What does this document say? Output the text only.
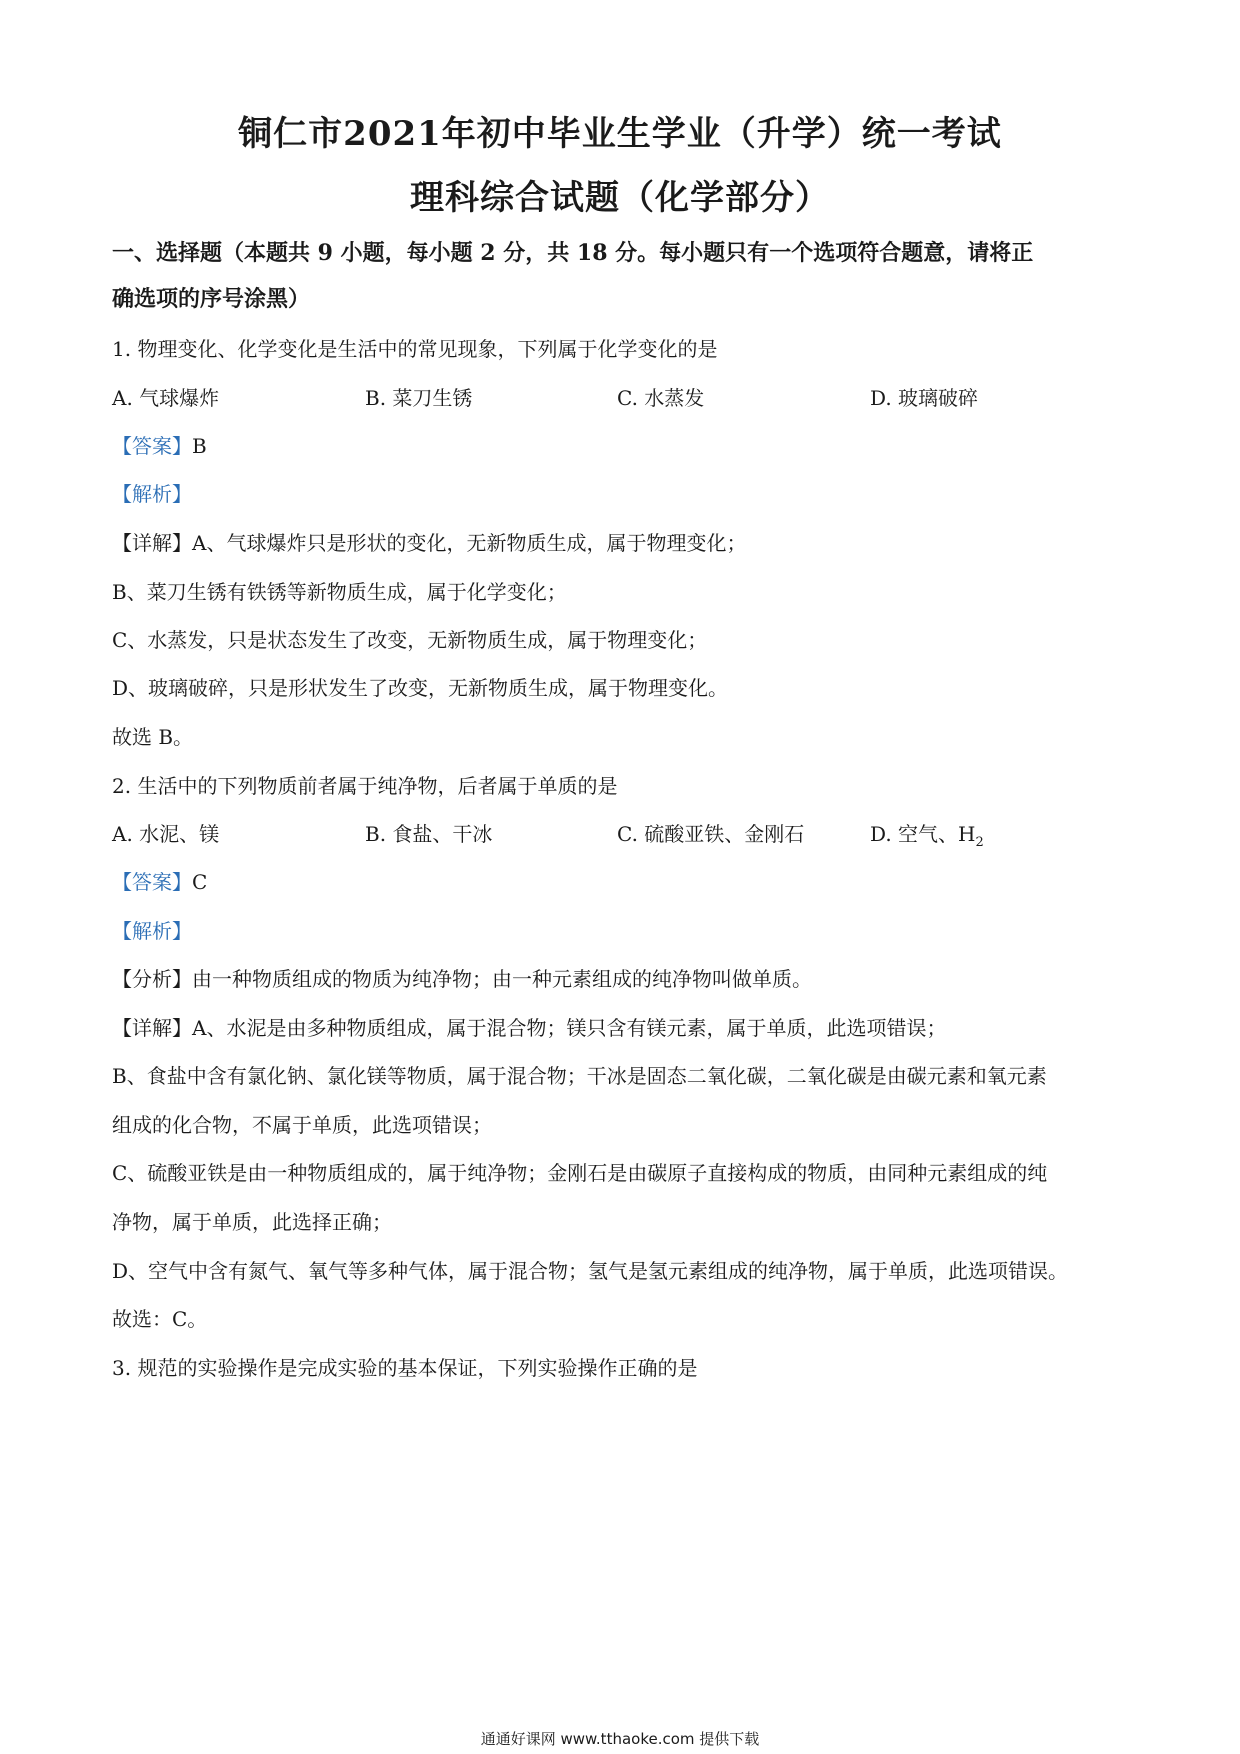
铜仁市2021年初中毕业生学业（升学）统一考试
理科综合试题（化学部分）
一、选择题（本题共 9 小题，每小题 2 分，共 18 分。每小题只有一个选项符合题意，请将正
确选项的序号涂黑）
1. 物理变化、化学变化是生活中的常见现象，下列属于化学变化的是
A. 气球爆炸	B. 菜刀生锈	C. 水蒸发	D. 玻璃破碎
【答案】B
【解析】
【详解】A、气球爆炸只是形状的变化，无新物质生成，属于物理变化；
B、菜刀生锈有铁锈等新物质生成，属于化学变化；
C、水蒸发，只是状态发生了改变，无新物质生成，属于物理变化；
D、玻璃破碎，只是形状发生了改变，无新物质生成，属于物理变化。
故选 B。
2. 生活中的下列物质前者属于纯净物，后者属于单质的是
A. 水泥、镁	B. 食盐、干冰	C. 硫酸亚铁、金刚石	D. 空气、$H_2$
【答案】C
【解析】
【分析】由一种物质组成的物质为纯净物；由一种元素组成的纯净物叫做单质。
【详解】A、水泥是由多种物质组成，属于混合物；镁只含有镁元素，属于单质，此选项错误；
B、食盐中含有氯化钠、氯化镁等物质，属于混合物；干冰是固态二氧化碳，二氧化碳是由碳元素和氧元素
组成的化合物，不属于单质，此选项错误；
C、硫酸亚铁是由一种物质组成的，属于纯净物；金刚石是由碳原子直接构成的物质，由同种元素组成的纯
净物，属于单质，此选择正确；
D、空气中含有氮气、氧气等多种气体，属于混合物；氢气是氢元素组成的纯净物，属于单质，此选项错误。
故选：C。
3. 规范的实验操作是完成实验的基本保证，下列实验操作正确的是
通通好课网 www.tthaoke.com 提供下载
